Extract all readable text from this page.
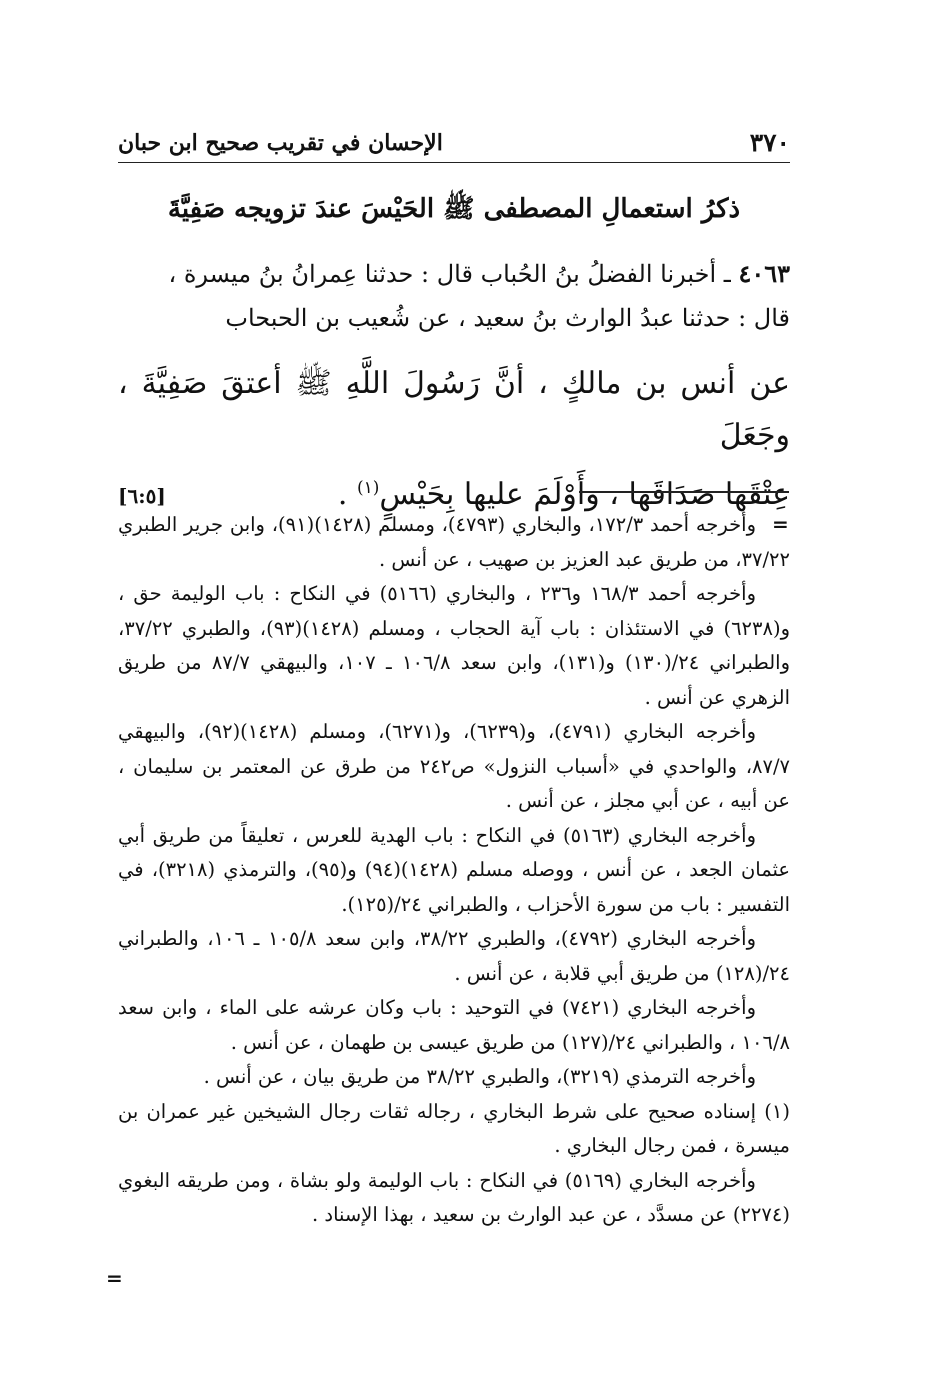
٣٧٠
الإحسان في تقريب صحيح ابن حبان
ذكرُ استعمالِ المصطفى ﷺ الحَيْسَ عندَ تزويجه صَفِيَّةَ

٤٠٦٣ ـ أخبرنا الفضلُ بنُ الحُباب قال : حدثنا عِمرانُ بنُ ميسرة ،

قال : حدثنا عبدُ الوارث بنُ سعيد ، عن شُعيب بن الحبحاب

عن أنس بن مالكٍ ، أنَّ رَسُولَ اللَّهِ ﷺ أعتقَ صَفِيَّةَ ، وجَعَلَ

عِتْقَها صَدَاقَها ، وأَوْلَمَ عليها بِحَيْسٍ$^{(١)}$ .
[٦:٥]

=

وأخرجه أحمد ١٧٢/٣، والبخاري (٤٧٩٣)، ومسلم (١٤٢٨)(٩١)، وابن جرير الطبري ٣٧/٢٢، من طريق عبد العزيز بن صهيب ، عن أنس .

وأخرجه أحمد ١٦٨/٣ و٢٣٦ ، والبخاري (٥١٦٦) في النكاح : باب الوليمة حق ، و(٦٢٣٨) في الاستئذان : باب آية الحجاب ، ومسلم (١٤٢٨)(٩٣)، والطبري ٣٧/٢٢، والطبراني ٢٤/(١٣٠) و(١٣١)، وابن سعد ١٠٦/٨ ـ ١٠٧، والبيهقي ٨٧/٧ من طريق الزهري عن أنس .

وأخرجه البخاري (٤٧٩١)، و(٦٢٣٩)، و(٦٢٧١)، ومسلم (١٤٢٨)(٩٢)، والبيهقي ٨٧/٧، والواحدي في «أسباب النزول» ص٢٤٢ من طرق عن المعتمر بن سليمان ، عن أبيه ، عن أبي مجلز ، عن أنس .

وأخرجه البخاري (٥١٦٣) في النكاح : باب الهدية للعرس ، تعليقاً من طريق أبي عثمان الجعد ، عن أنس ، ووصله مسلم (١٤٢٨)(٩٤) و(٩٥)، والترمذي (٣٢١٨)، في التفسير : باب من سورة الأحزاب ، والطبراني ٢٤/(١٢٥).

وأخرجه البخاري (٤٧٩٢)، والطبري ٣٨/٢٢، وابن سعد ١٠٥/٨ ـ ١٠٦، والطبراني ٢٤/(١٢٨) من طريق أبي قلابة ، عن أنس .

وأخرجه البخاري (٧٤٢١) في التوحيد : باب وكان عرشه على الماء ، وابن سعد ١٠٦/٨ ، والطبراني ٢٤/(١٢٧) من طريق عيسى بن طهمان ، عن أنس .

وأخرجه الترمذي (٣٢١٩)، والطبري ٣٨/٢٢ من طريق بيان ، عن أنس .

(١) إسناده صحيح على شرط البخاري ، رجاله ثقات رجال الشيخين غير عمران بن ميسرة ، فمن رجال البخاري .

وأخرجه البخاري (٥١٦٩) في النكاح : باب الوليمة ولو بشاة ، ومن طريقه البغوي (٢٢٧٤) عن مسدَّد ، عن عبد الوارث بن سعيد ، بهذا الإسناد .

=
